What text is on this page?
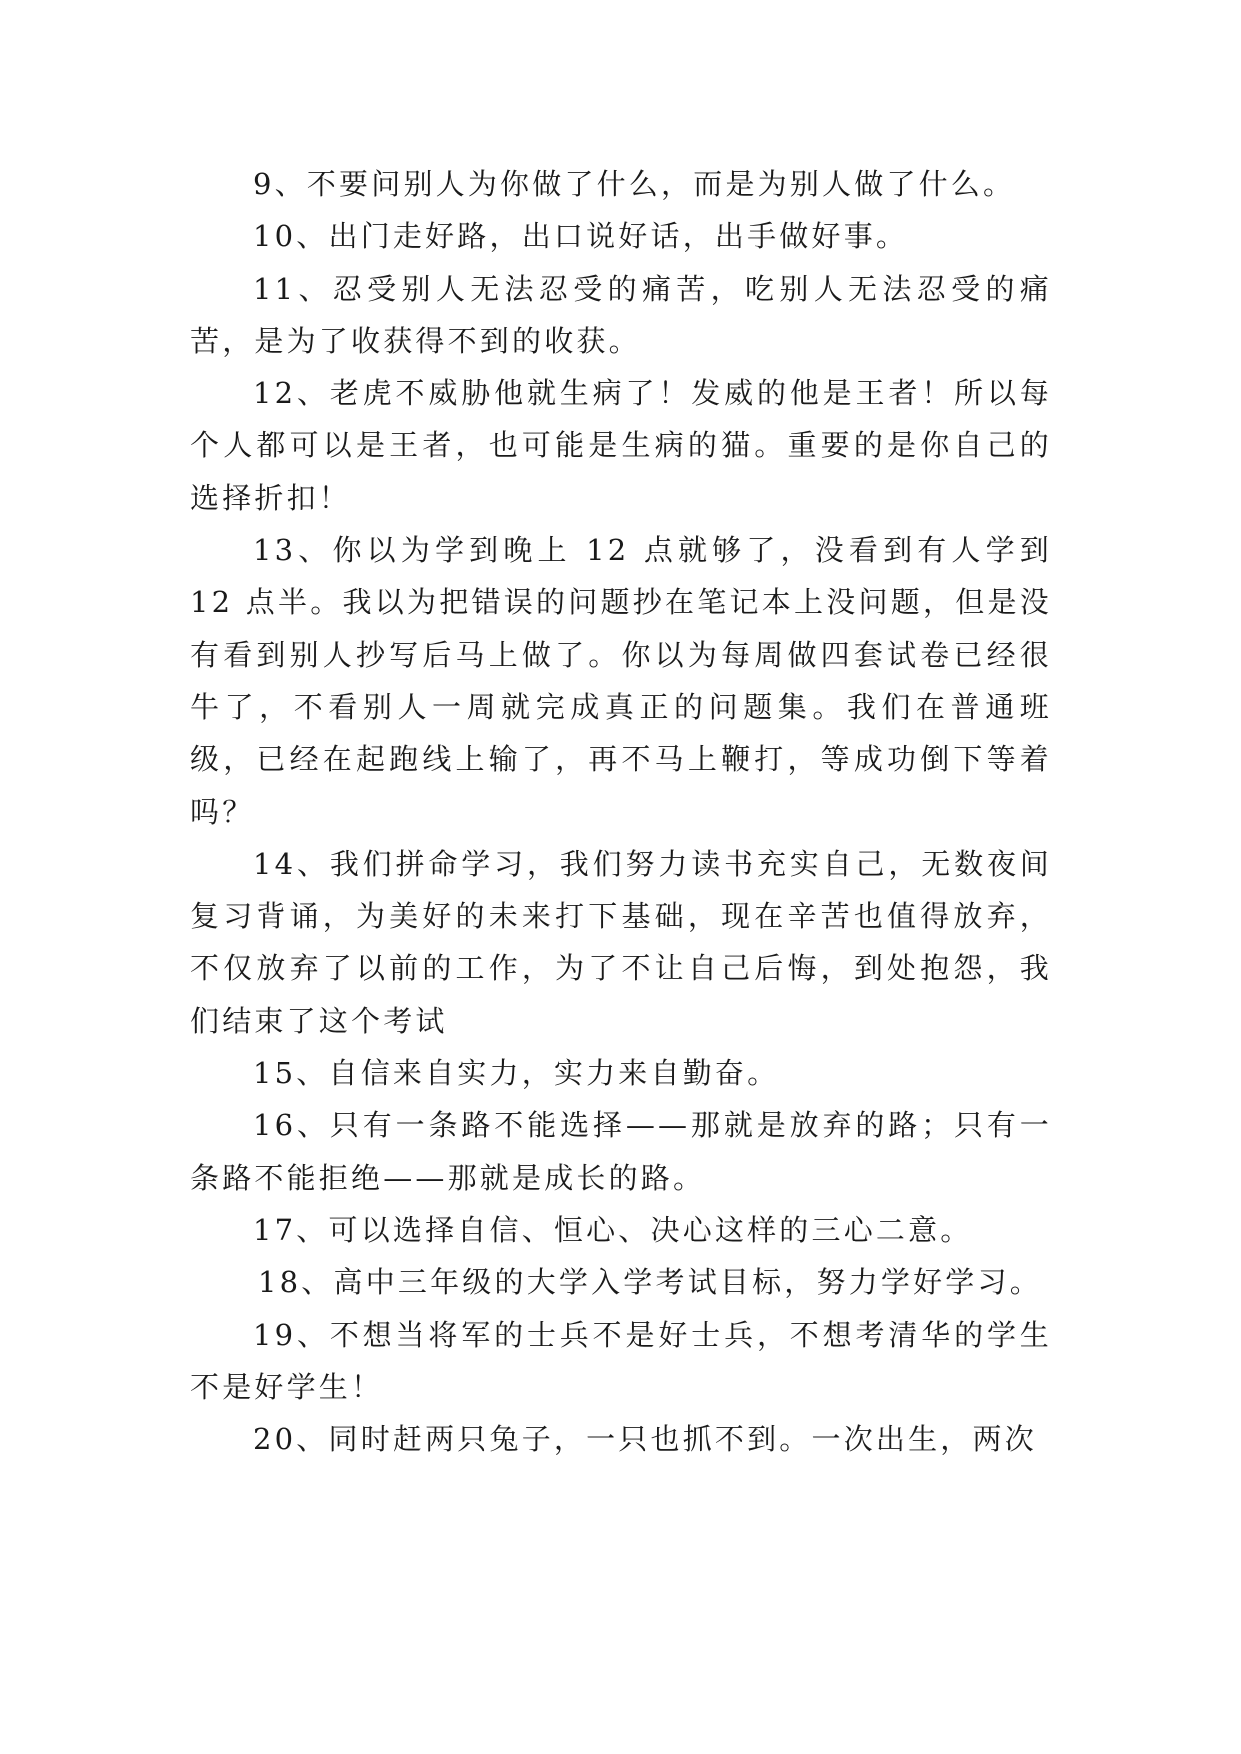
9、不要问别人为你做了什么，而是为别人做了什么。

10、出门走好路，出口说好话，出手做好事。

11、忍受别人无法忍受的痛苦，吃别人无法忍受的痛苦，是为了收获得不到的收获。

12、老虎不威胁他就生病了！发威的他是王者！所以每个人都可以是王者，也可能是生病的猫。重要的是你自己的选择折扣！

13、你以为学到晚上 12 点就够了，没看到有人学到 12 点半。我以为把错误的问题抄在笔记本上没问题，但是没有看到别人抄写后马上做了。你以为每周做四套试卷已经很牛了，不看别人一周就完成真正的问题集。我们在普通班级，已经在起跑线上输了，再不马上鞭打，等成功倒下等着吗？

14、我们拼命学习，我们努力读书充实自己，无数夜间复习背诵，为美好的未来打下基础，现在辛苦也值得放弃，不仅放弃了以前的工作，为了不让自己后悔，到处抱怨，我们结束了这个考试

15、自信来自实力，实力来自勤奋。

16、只有一条路不能选择——那就是放弃的路；只有一条路不能拒绝——那就是成长的路。

17、可以选择自信、恒心、决心这样的三心二意。

18、高中三年级的大学入学考试目标，努力学好学习。

19、不想当将军的士兵不是好士兵，不想考清华的学生不是好学生！

20、同时赶两只兔子，一只也抓不到。一次出生，两次
